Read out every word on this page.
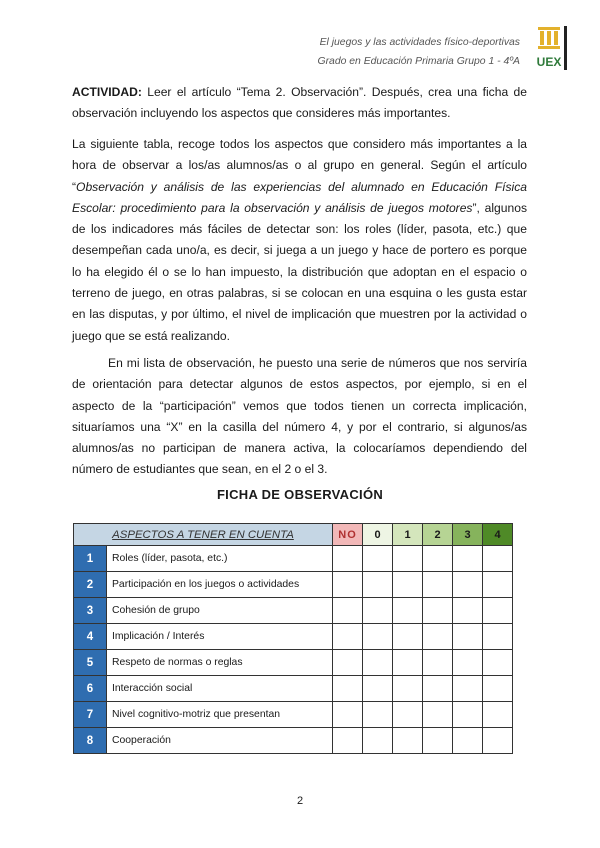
El juegos y las actividades físico-deportivas
Grado en Educación Primaria Grupo 1 - 4ºA UEX
ACTIVIDAD: Leer el artículo “Tema 2. Observación”. Después, crea una ficha de observación incluyendo los aspectos que consideres más importantes.
La siguiente tabla, recoge todos los aspectos que considero más importantes a la hora de observar a los/as alumnos/as o al grupo en general. Según el artículo “Observación y análisis de las experiencias del alumnado en Educación Física Escolar: procedimiento para la observación y análisis de juegos motores”, algunos de los indicadores más fáciles de detectar son: los roles (líder, pasota, etc.) que desempeñan cada uno/a, es decir, si juega a un juego y hace de portero es porque lo ha elegido él o se lo han impuesto, la distribución que adoptan en el espacio o terreno de juego, en otras palabras, si se colocan en una esquina o les gusta estar en las disputas, y por último, el nivel de implicación que muestren por la actividad o juego que se está realizando.
En mi lista de observación, he puesto una serie de números que nos serviría de orientación para detectar algunos de estos aspectos, por ejemplo, si en el aspecto de la “participación” vemos que todos tienen un correcta implicación, situaríamos una “X” en la casilla del número 4, y por el contrario, si algunos/as alumnos/as no participan de manera activa, la colocaríamos dependiendo del número de estudiantes que sean, en el 2 o el 3.
FICHA DE OBSERVACIÓN
ASPECTOS A TENER EN CUENTA	NO	0	1	2	3	4

1 Roles (líder, pasota, etc.)						

2 Participación en los juegos o actividades						

3 Cohesión de grupo						

4 Implicación / Interés						

5 Respeto de normas o reglas						

6 Interacción social						

7 Nivel cognitivo-motriz que presentan						

8 Cooperación						

2
